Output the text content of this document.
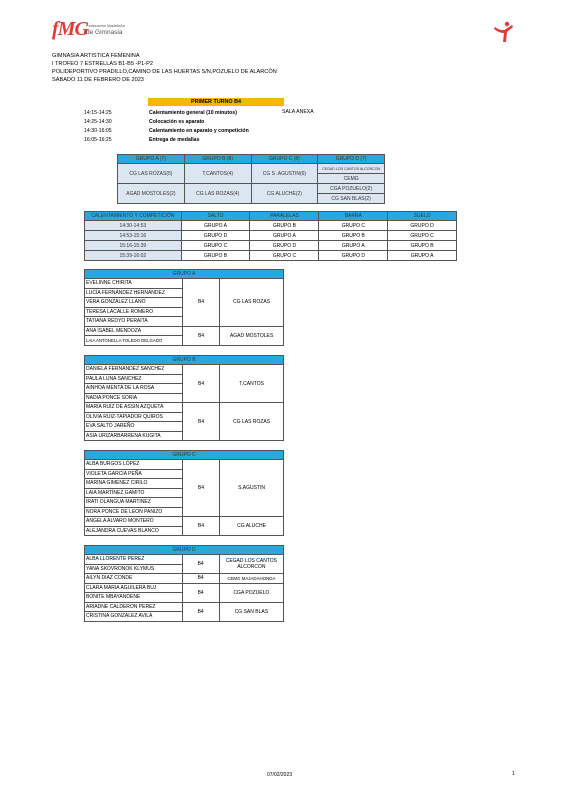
fMG
Federación Madrileña
de Gimnasia
GIMNASIA ARTISTICA FEMENINA
I TROFEO 7 ESTRELLAS B1-B5 -P1-P2
POLIDEPORTIVO PRADILLO,CAMINO DE LAS HUERTAS S/N,POZUELO DE ALARCÓN
SÁBADO 11 DE FEBRERO DE 2023
PRIMER TURNO B4
14:15-14:25	Calentamiento general (10 minutos)
14:25-14:30	Colocación es aparato
14:30-16:05	Calentamiento en aparato y competición
16:05-16:25	Entrega de medallas
SALA ANEXA
GRUPO A (7)	GRUPO B (8)	GRUPO C (8)	GRUPO D (7)
CG LAS ROZAS(5)	T.CANTOS(4)	CG S .AGUSTIN(6)	CEGAD LOS CANTOS ALCORCON
			CEMG
AGAD MOSTOLES(2)	CG LAS ROZAS(4)	CG ALUCHE(2)	CGA POZUELO(2)
			CG SAN BLAS(2)
CALENTAMIENTO Y COMPETICIÓN	SALTO	PARALELAS	BARRA	SUELO
14:30-14:53	GRUPO A	GRUPO B	GRUPO C	GRUPO D
14:53-15:16	GRUPO D	GRUPO A	GRUPO B	GRUPO C
15:16-15:39	GRUPO C	GRUPO D	GRUPO A	GRUPO B
15:39-16:02	GRUPO B	GRUPO C	GRUPO D	GRUPO A
GRUPO A		
EVELINNE CHIRITA	B4	CG LAS ROZAS
LUCÍA FERNÁNDEZ HERNÁNDEZ		
VERA GONZÁLEZ LLANO		
TERESA LACALLE ROMERO		
TATIANA REDYO PERAITA		
ANA ISABEL MENDOZA	B4	AGAD MOSTOLES
LAIA ANTONELLA TOLEDO DELGADO		
GRUPO B		
DANIELA FERNANDEZ SANCHEZ	B4	T.CANTOS
PAULA LUNA SANCHEZ		
AINHOA MENTA DE LA ROSA		
NADIA PONCE SORIA		
MARÍA RUÍZ DE ASSIN AZQUETA	B4	CG LAS ROZAS
OLIVIA RUIZ-TAPIADOR QUIROS		
EVA SALTO JAREÑO		
ASIA URIZARBARRENA KUGITA		
GRUPO C		
ALBA BURGOS LÓPEZ	B4	S.AGUSTIN
VIOLETA GARCÍA PEÑA		
MARINA GIMENEZ CIRILO		
LAIA MARTÍNEZ GAMITO		
IRATI OLANGUA MARTINEZ		
NORA PONCE DE LEON PANIZO		
ANGELA ALVARO MONTERO	B4	CG ALUCHE
ALEJANDRA CUEVAS BLANCO		
GRUPO D		
ALBA LLORENTE PEREZ	B4	CEGAD LOS CANTOS ALCORCON
YANA SKOVRONOK KLYMUS		
AILYN DIAZ CONDE	B4	CEMG MAJADAHONDA
CLARA MARIA AGUILERA BUJ	B4	CGA POZUELO
BONITE MBAYANDENE		
ARIADNE CALDERON PEREZ	B4	CG SAN BLAS
CRISTINA GONZALEZ AVILA		
07/02/2023	1
